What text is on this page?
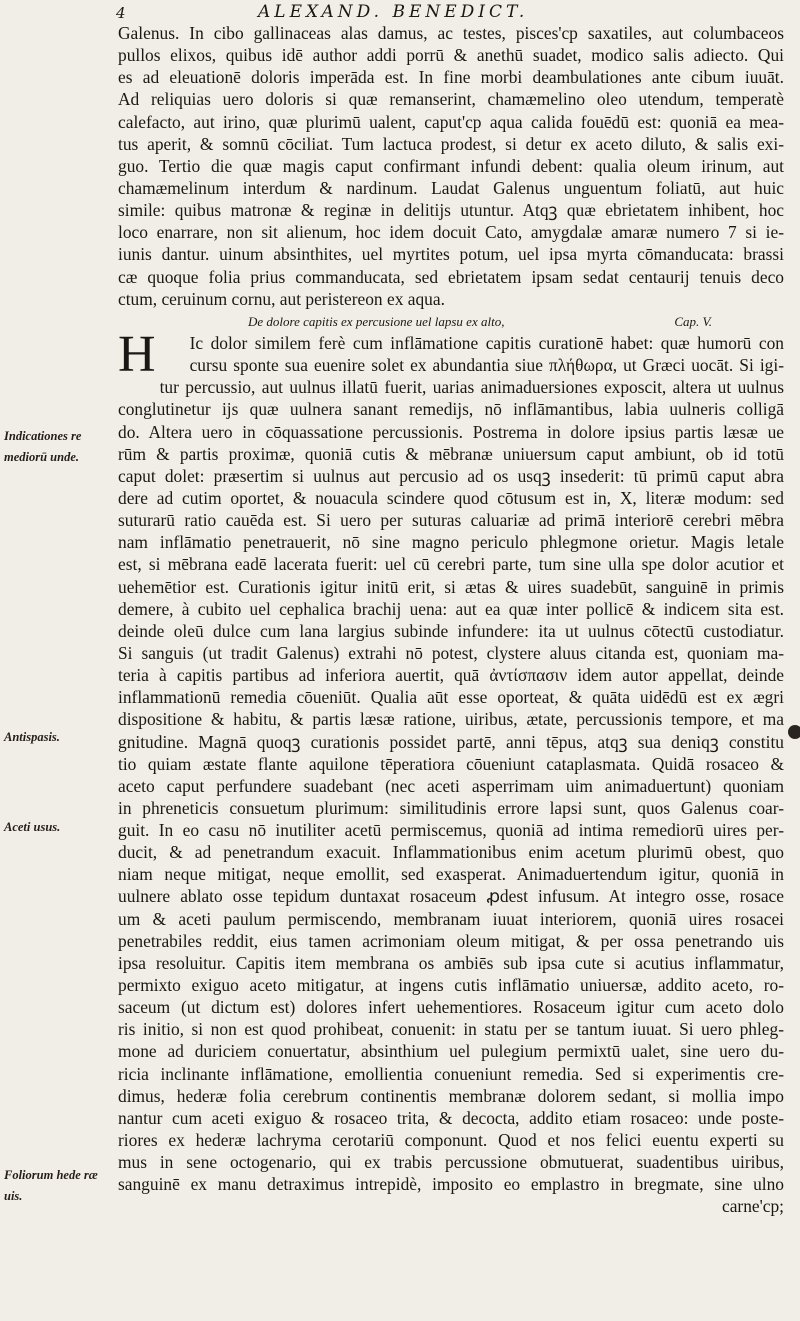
4	ALEXAND. BENEDICT.
Galenus. In cibo gallinaceas alas damus, ac testes, pisces'cp saxatiles, aut columbaceos
pullos elixos, quibus idē author addi porrū & anethū suadet, modico salis adiecto. Qui
es ad eleuationē doloris imperāda est. In fine morbi deambulationes ante cibum iuuāt.
Ad reliquias uero doloris si quæ remanserint, chamæmelino oleo utendum, temperatè
calefacto, aut irino, quæ plurimū ualent, caput'cp aqua calida fouēdū est: quoniā ea mea-
tus aperit, & somnū cōciliat. Tum lactuca prodest, si detur ex aceto diluto, & salis exi-
guo. Tertio die quæ magis caput confirmant infundi debent: qualia oleum irinum, aut
chamæmelinum interdum & nardinum. Laudat Galenus unguentum foliatū, aut huic
simile: quibus matronæ & reginæ in delitijs utuntur. Atqꝫ quæ ebrietatem inhibent, hoc
loco enarrare, non sit alienum, hoc idem docuit Cato, amygdalæ amaræ numero 7 si ie-
iunis dantur. uinum absinthites, uel myrtites potum, uel ipsa myrta cōmanducata: brassi
cæ quoque folia prius commanducata, sed ebrietatem ipsam sedat centaurij tenuis deco
ctum, ceruinum cornu, aut peristereon ex aqua.
De dolore capitis ex percusione uel lapsu ex alto,	Cap. V.
H	Ic dolor similem ferè cum inflāmatione capitis curationē habet: quæ humorū con
cursu sponte sua euenire solet ex abundantia siue πλήθωρα, ut Græci uocāt. Si igi-
tur percussio, aut uulnus illatū fuerit, uarias animaduersiones exposcit, altera ut uulnus
conglutinetur ijs quæ uulnera sanant remedijs, nō inflāmantibus, labia uulneris colligā
do. Altera uero in cōquassatione percussionis. Postrema in dolore ipsius partis læsæ ue
rūm & partis proximæ, quoniā cutis & mēbranæ uniuersum caput ambiunt, ob id totū
caput dolet: præsertim si uulnus aut percusio ad os usqꝫ insederit: tū primū caput abra
dere ad cutim oportet, & nouacula scindere quod cōtusum est in, X, literæ modum: sed
suturarū ratio cauēda est. Si uero per suturas caluariæ ad primā interiorē cerebri mēbra
nam inflāmatio penetrauerit, nō sine magno periculo phlegmone orietur. Magis letale
est, si mēbrana eadē lacerata fuerit: uel cū cerebri parte, tum sine ulla spe dolor acutior et
uehemētior est. Curationis igitur initū erit, si ætas & uires suadebūt, sanguinē in primis
demere, à cubito uel cephalica brachij uena: aut ea quæ inter pollicē & indicem sita est.
deinde oleū dulce cum lana largius subinde infundere: ita ut uulnus cōtectū custodiatur.
Si sanguis (ut tradit Galenus) extrahi nō potest, clystere aluus citanda est, quoniam ma-
teria à capitis partibus ad inferiora auertit, quā ἀντίσπασιν idem autor appellat, deinde
inflammationū remedia cōueniūt. Qualia aūt esse oporteat, & quāta uidēdū est ex ægri
dispositione & habitu, & partis læsæ ratione, uiribus, ætate, percussionis tempore, et ma
gnitudine. Magnā quoqꝫ curationis possidet partē, anni tēpus, atqꝫ sua deniqꝫ constitu
tio quiam æstate flante aquilone tēperatiora cōueniunt cataplasmata. Quidā rosaceo &
aceto caput perfundere suadebant (nec aceti asperrimam uim animaduertunt) quoniam
in phreneticis consuetum plurimum: similitudinis errore lapsi sunt, quos Galenus coar-
guit. In eo casu nō inutiliter acetū permiscemus, quoniā ad intima remediorū uires per-
ducit, & ad penetrandum exacuit. Inflammationibus enim acetum plurimū obest, quo
niam neque mitigat, neque emollit, sed exasperat. Animaduertendum igitur, quoniā in
uulnere ablato osse tepidum duntaxat rosaceum ꝓdest infusum. At integro osse, rosace
um & aceti paulum permiscendo, membranam iuuat interiorem, quoniā uires rosacei
penetrabiles reddit, eius tamen acrimoniam oleum mitigat, & per ossa penetrando uis
ipsa resoluitur. Capitis item membrana os ambiēs sub ipsa cute si acutius inflammatur,
permixto exiguo aceto mitigatur, at ingens cutis inflāmatio uniuersæ, addito aceto, ro-
saceum (ut dictum est) dolores infert uehementiores. Rosaceum igitur cum aceto dolo
ris initio, si non est quod prohibeat, conuenit: in statu per se tantum iuuat. Si uero phleg-
mone ad duriciem conuertatur, absinthium uel pulegium permixtū ualet, sine uero du-
ricia inclinante inflāmatione, emollientia conueniunt remedia. Sed si experimentis cre-
dimus, hederæ folia cerebrum continentis membranæ dolorem sedant, si mollia impo
nantur cum aceti exiguo & rosaceo trita, & decocta, addito etiam rosaceo: unde poste-
riores ex hederæ lachryma cerotariū componunt. Quod et nos felici euentu experti su
mus in sene octogenario, qui ex trabis percussione obmutuerat, suadentibus uiribus,
sanguinē ex manu detraximus intrepidè, imposito eo emplastro in bregmate, sine ulno
carne'cp;
Indicationes re mediorū unde.
Antispasis.
Aceti usus.
Foliorum hede ræ uis.
